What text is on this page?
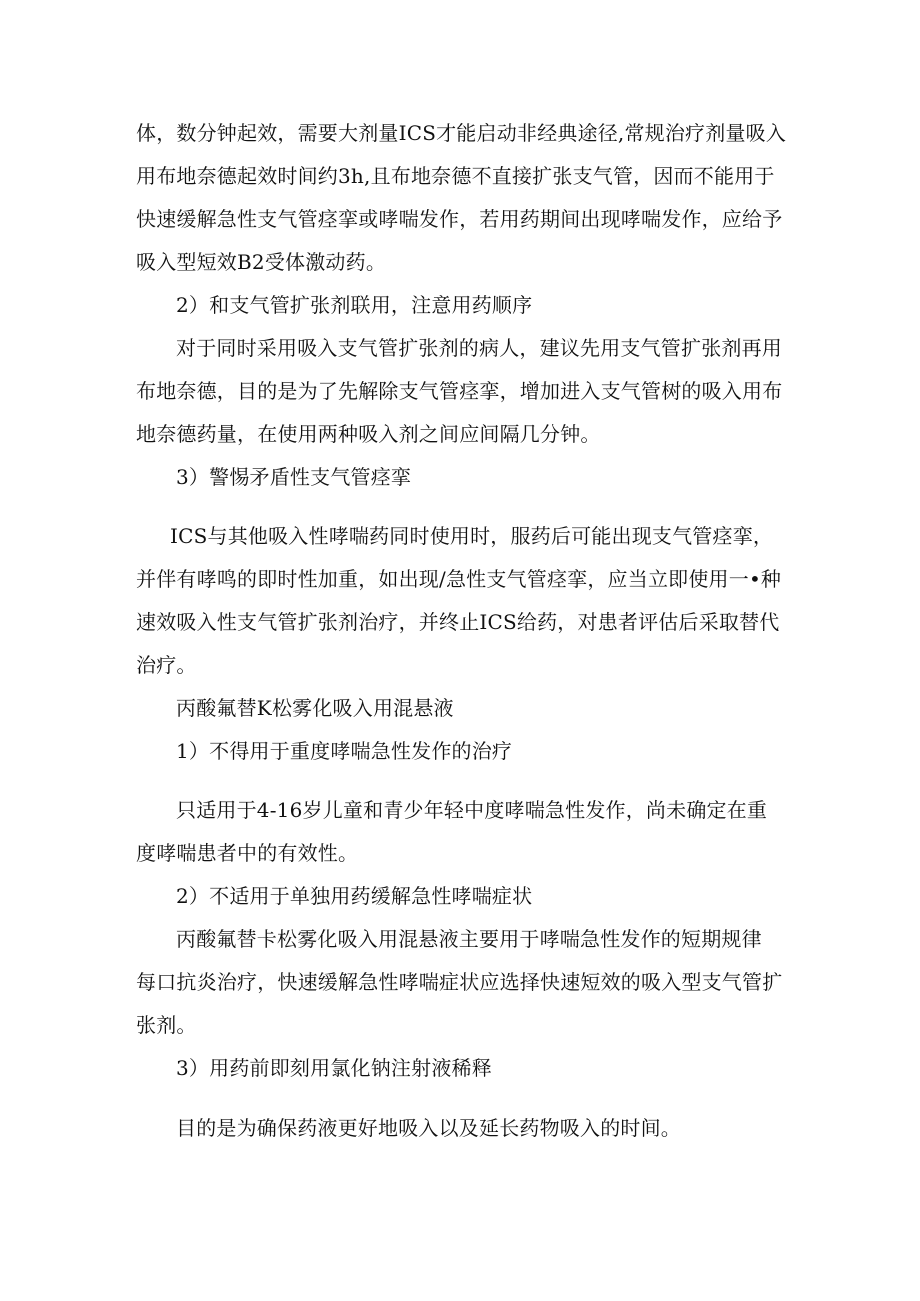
体，数分钟起效，需要大剂量ICS才能启动非经典途径,常规治疗剂量吸入
用布地奈德起效时间约3h,且布地奈德不直接扩张支气管，因而不能用于
快速缓解急性支气管痉挛或哮喘发作，若用药期间出现哮喘发作，应给予
吸入型短效B2受体激动药。
2）和支气管扩张剂联用，注意用药顺序
对于同时采用吸入支气管扩张剂的病人，建议先用支气管扩张剂再用
布地奈德，目的是为了先解除支气管痉挛，增加进入支气管树的吸入用布
地奈德药量，在使用两种吸入剂之间应间隔几分钟。
3）警惕矛盾性支气管痉挛
ICS与其他吸入性哮喘药同时使用时，服药后可能出现支气管痉挛，
并伴有哮鸣的即时性加重，如出现/急性支气管痉挛，应当立即使用一•种
速效吸入性支气管扩张剂治疗，并终止ICS给药，对患者评估后采取替代
治疗。
丙酸氟替K松雾化吸入用混悬液
1）不得用于重度哮喘急性发作的治疗
只适用于4-16岁儿童和青少年轻中度哮喘急性发作，尚未确定在重
度哮喘患者中的有效性。
2）不适用于单独用药缓解急性哮喘症状
丙酸氟替卡松雾化吸入用混悬液主要用于哮喘急性发作的短期规律
每口抗炎治疗，快速缓解急性哮喘症状应选择快速短效的吸入型支气管扩
张剂。
3）用药前即刻用氯化钠注射液稀释
目的是为确保药液更好地吸入以及延长药物吸入的时间。
